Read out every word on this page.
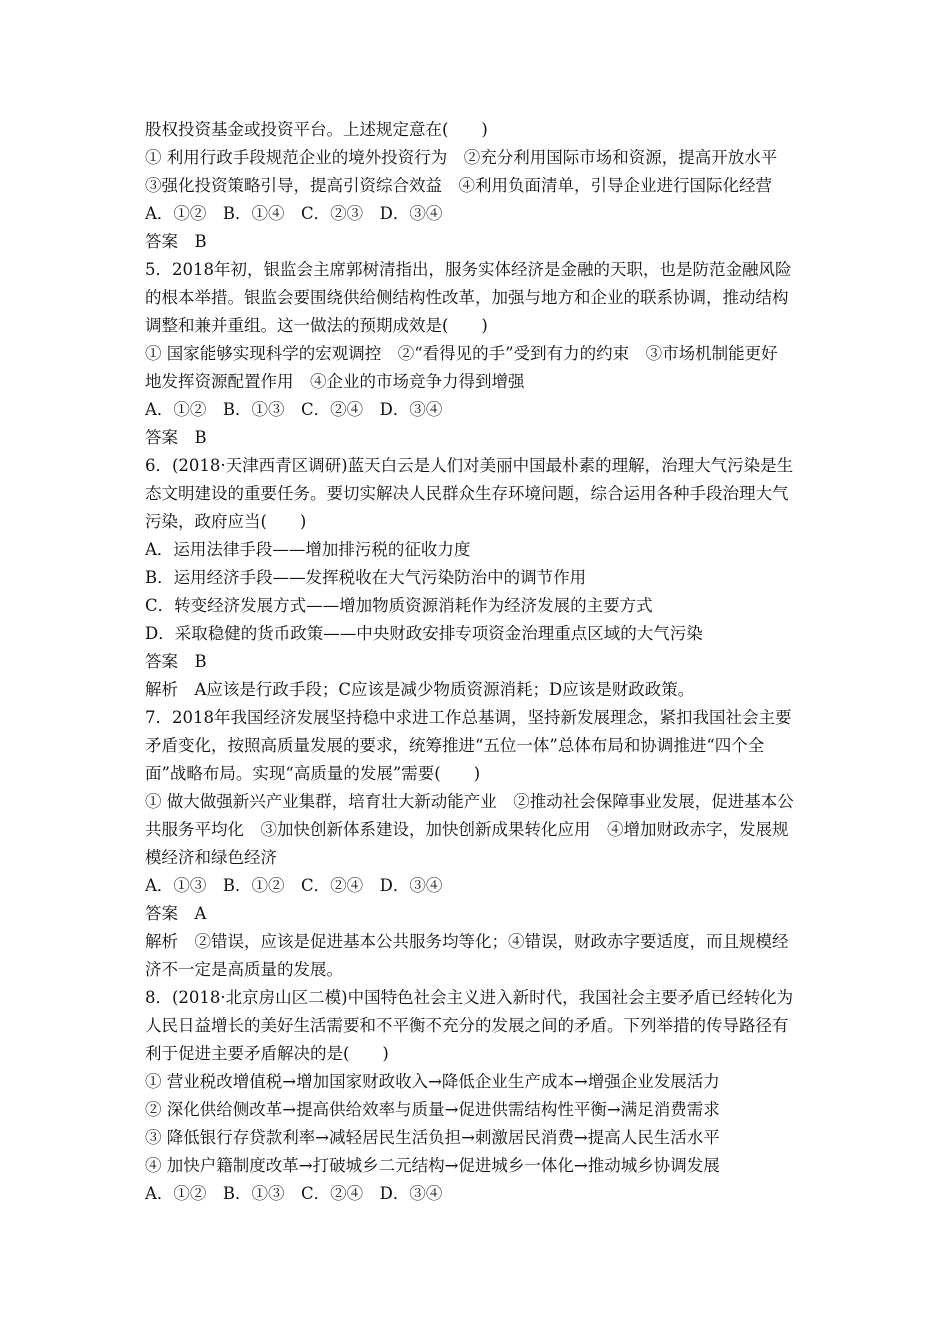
股权投资基金或投资平台。上述规定意在(　　)
① 利用行政手段规范企业的境外投资行为　②充分利用国际市场和资源，提高开放水平
③强化投资策略引导，提高引资综合效益　④利用负面清单，引导企业进行国际化经营
A．①②　B．①④　C．②③　D．③④
答案　B
5．2018年初，银监会主席郭树清指出，服务实体经济是金融的天职，也是防范金融风险
的根本举措。银监会要围绕供给侧结构性改革，加强与地方和企业的联系协调，推动结构
调整和兼并重组。这一做法的预期成效是(　　)
① 国家能够实现科学的宏观调控　②“看得见的手”受到有力的约束　③市场机制能更好
地发挥资源配置作用　④企业的市场竞争力得到增强
A．①②　B．①③　C．②④　D．③④
答案　B
6．(2018·天津西青区调研)蓝天白云是人们对美丽中国最朴素的理解，治理大气污染是生
态文明建设的重要任务。要切实解决人民群众生存环境问题，综合运用各种手段治理大气
污染，政府应当(　　)
A．运用法律手段——增加排污税的征收力度
B．运用经济手段——发挥税收在大气污染防治中的调节作用
C．转变经济发展方式——增加物质资源消耗作为经济发展的主要方式
D．采取稳健的货币政策——中央财政安排专项资金治理重点区域的大气污染
答案　B
解析　A应该是行政手段；C应该是减少物质资源消耗；D应该是财政政策。
7．2018年我国经济发展坚持稳中求进工作总基调，坚持新发展理念，紧扣我国社会主要
矛盾变化，按照高质量发展的要求，统筹推进“五位一体”总体布局和协调推进“四个全
面”战略布局。实现“高质量的发展”需要(　　)
① 做大做强新兴产业集群，培育壮大新动能产业　②推动社会保障事业发展，促进基本公
共服务平均化　③加快创新体系建设，加快创新成果转化应用　④增加财政赤字，发展规
模经济和绿色经济
A．①③　B．①②　C．②④　D．③④
答案　A
解析　②错误，应该是促进基本公共服务均等化；④错误，财政赤字要适度，而且规模经
济不一定是高质量的发展。
8．(2018·北京房山区二模)中国特色社会主义进入新时代，我国社会主要矛盾已经转化为
人民日益增长的美好生活需要和不平衡不充分的发展之间的矛盾。下列举措的传导路径有
利于促进主要矛盾解决的是(　　)
① 营业税改增值税→增加国家财政收入→降低企业生产成本→增强企业发展活力
② 深化供给侧改革→提高供给效率与质量→促进供需结构性平衡→满足消费需求
③ 降低银行存贷款利率→减轻居民生活负担→刺激居民消费→提高人民生活水平
④ 加快户籍制度改革→打破城乡二元结构→促进城乡一体化→推动城乡协调发展
A．①②　B．①③　C．②④　D．③④
